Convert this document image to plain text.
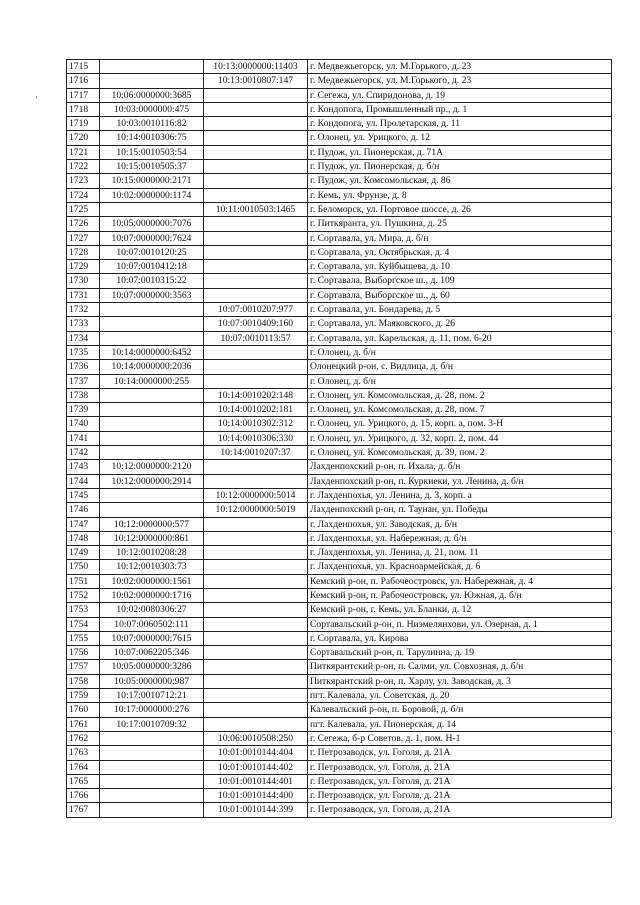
1715		10:13:0000000:11403	г. Медвежьегорск, ул. М.Горького, д. 23
1716		10:13:0010807:147	г. Медвежьегорск, ул. М.Горького, д. 23
1717	10:06:0000000:3685		г. Сегежа, ул. Спиридонова, д. 19
1718	10:03:0000000:475		г. Кондопога, Промышленный пр., д. 1
1719	10:03:0010116:82		г. Кондопога, ул. Пролетарская, д. 11
1720	10:14:0010306:75		г. Олонец, ул. Урицкого, д. 12
1721	10:15:0010503:54		г. Пудож, ул. Пионерская, д. 71А
1722	10:15:0010505:37		г. Пудож, ул. Пионерская, д. б/н
1723	10:15:0000000:2171		г. Пудож, ул. Комсомольская, д. 86
1724	10:02:0000000:1174		г. Кемь, ул. Фрунзе, д. 8
1725		10:11:0010503:1465	г. Беломорск, ул. Портовое шоссе, д. 26
1726	10:05:0000000:7076		г. Питкяранта, ул. Пушкина, д. 25
1727	10:07:0000000:7624		г. Сортавала, ул. Мира, д. б/н
1728	10:07:0010120:25		г. Сортавала, ул. Октябрьская, д. 4
1729	10:07:0010412:18		г. Сортавала, ул. Куйбышева, д. 10
1730	10:07:0010315:22		г. Сортавала, Выборгское ш., д. 109
1731	10:07:0000000:3563		г. Сортавала, Выборгское ш., д. 60
1732		10:07:0010207:977	г. Сортавала, ул. Бондарева, д. 5
1733		10:07:0010409:160	г. Сортавала, ул. Маяковского, д. 26
1734		10:07:0010113:57	г. Сортавала, ул. Карельская, д. 11, пом. 6-20
1735	10:14:0000000:6452		г. Олонец, д. б/н
1736	10:14:0000000:2036		Олонецкий р-он, с. Видлица, д. б/н
1737	10:14:0000000:255		г. Олонец, д. б/н
1738		10:14:0010202:148	г. Олонец, ул. Комсомольская, д. 28, пом. 2
1739		10:14:0010202:181	г. Олонец, ул. Комсомольская, д. 28, пом. 7
1740		10:14:0010302:312	г. Олонец, ул. Урицкого, д. 15, корп. а, пом. 3-Н
1741		10:14:0010306:330	г. Олонец, ул. Урицкого, д. 32, корп. 2, пом. 44
1742		10:14:0010207:37	г. Олонец, ул. Комсомольская, д. 39, пом. 2
1743	10:12:0000000:2120		Лахденпохский р-он, п. Ихала, д. б/н
1744	10:12:0000000:2914		Лахденпохский р-он, п. Куркиеки, ул. Ленина, д. б/н
1745		10:12:0000000:5014	г. Лахденпохья, ул. Ленина, д. 3, корп. а
1746		10:12:0000000:5019	Лахденпохский р-он, п. Таунан, ул. Победы
1747	10:12:0000000:577		г. Лахденпохья, ул. Заводская, д. б/н
1748	10:12:0000000:861		г. Лахденпохья, ул. Набережная, д. б/н
1749	10:12:0010208:28		г. Лахденпохья, ул. Ленина, д. 21, пом. 11
1750	10:12:0010303:73		г. Лахденпохья, ул. Красноармейская, д. 6
1751	10:02:0000000:1561		Кемский р-он, п. Рабочеостровск, ул. Набережная, д. 4
1752	10:02:0000000:1716		Кемский р-он, п. Рабочеостровск, ул. Южная, д. б/н
1753	10:02:0080306:27		Кемский р-он, г. Кемь, ул. Бланки, д. 12
1754	10:07:0060502:111		Сортавальский р-он, п. Ниэмелянхови, ул. Озерная, д. 1
1755	10:07:0000000:7615		г. Сортавала, ул. Кирова
1756	10:07:0062205:346		Сортавальский р-он, п. Тарулинна, д. 19
1757	10:05:0000000:3286		Питкярантский р-он, п. Салми, ул. Совхозная, д. б/н
1758	10:05:0000000:987		Питкярантский р-он, п. Харлу, ул. Заводская, д. 3
1759	10:17:0010712:21		пгт. Калевала, ул. Советская, д. 20
1760	10:17:0000000:276		Калевальский р-он, п. Боровой, д. б/н
1761	10:17:0010709:32		пгт. Калевала, ул. Пионерская, д. 14
1762		10:06:0010508:250	г. Сегежа, б-р Советов, д. 1, пом. Н-1
1763		10:01:0010144:404	г. Петрозаводск, ул. Гоголя, д. 21А
1764		10:01:0010144:402	г. Петрозаводск, ул. Гоголя, д. 21А
1765		10:01:0010144:401	г. Петрозаводск, ул. Гоголя, д. 21А
1766		10:01:0010144:400	г. Петрозаводск, ул. Гоголя, д. 21А
1767		10:01:0010144:399	г. Петрозаводск, ул. Гоголя, д. 21А
